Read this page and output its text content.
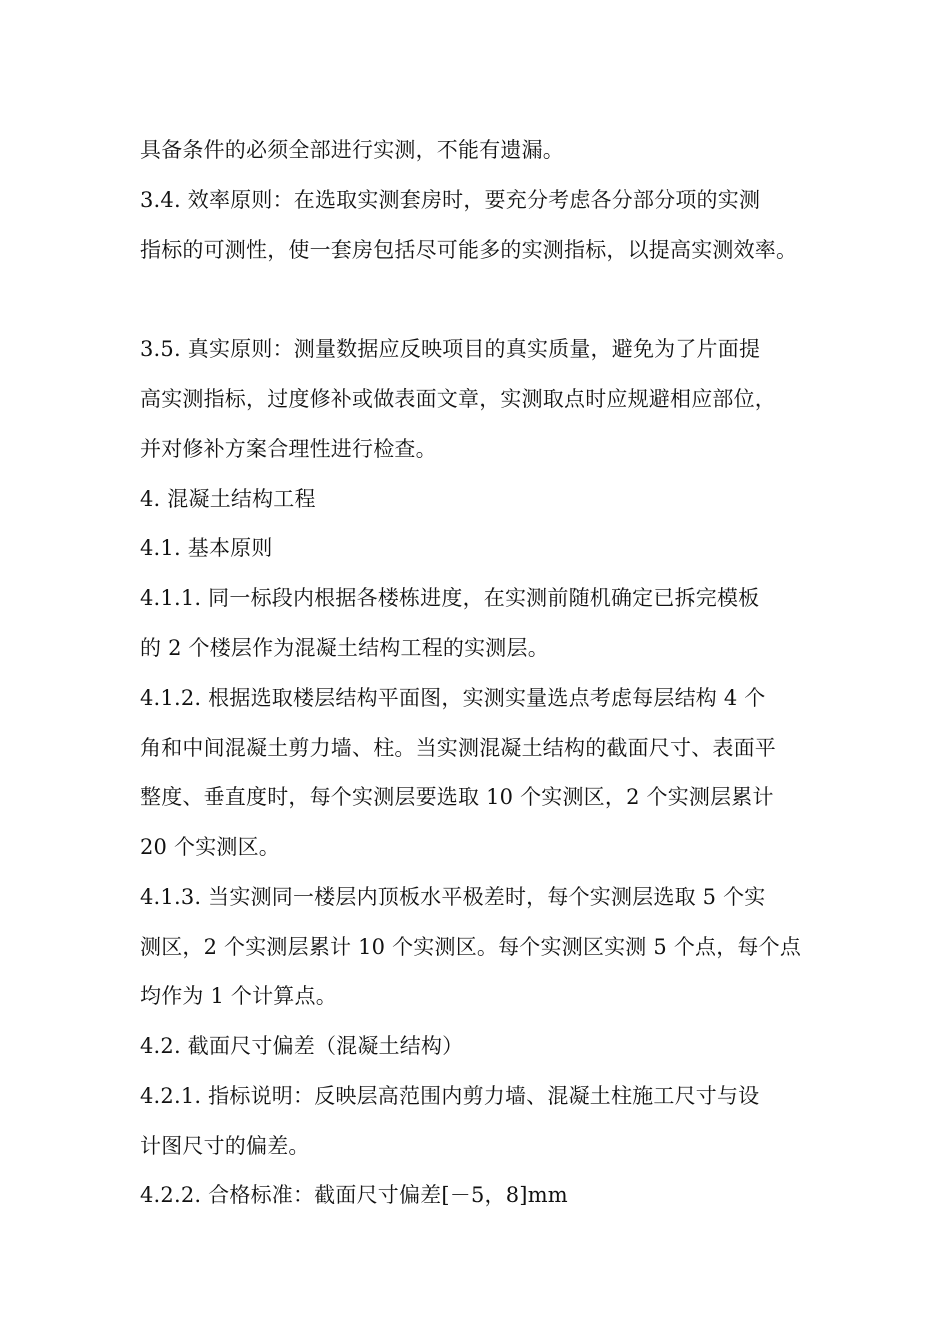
具备条件的必须全部进行实测，不能有遗漏。
3.4. 效率原则：在选取实测套房时，要充分考虑各分部分项的实测
指标的可测性，使一套房包括尽可能多的实测指标，以提高实测效率。
3.5. 真实原则：测量数据应反映项目的真实质量，避免为了片面提
高实测指标，过度修补或做表面文章，实测取点时应规避相应部位，
并对修补方案合理性进行检查。
4. 混凝土结构工程
4.1. 基本原则
4.1.1. 同一标段内根据各楼栋进度，在实测前随机确定已拆完模板
的 2 个楼层作为混凝土结构工程的实测层。
4.1.2. 根据选取楼层结构平面图，实测实量选点考虑每层结构 4 个
角和中间混凝土剪力墙、柱。当实测混凝土结构的截面尺寸、表面平
整度、垂直度时，每个实测层要选取 10 个实测区，2 个实测层累计
20 个实测区。
4.1.3. 当实测同一楼层内顶板水平极差时，每个实测层选取 5 个实
测区，2 个实测层累计 10 个实测区。每个实测区实测 5 个点，每个点
均作为 1 个计算点。
4.2. 截面尺寸偏差（混凝土结构）
4.2.1. 指标说明：反映层高范围内剪力墙、混凝土柱施工尺寸与设
计图尺寸的偏差。
4.2.2. 合格标准：截面尺寸偏差[－5，8]mm
